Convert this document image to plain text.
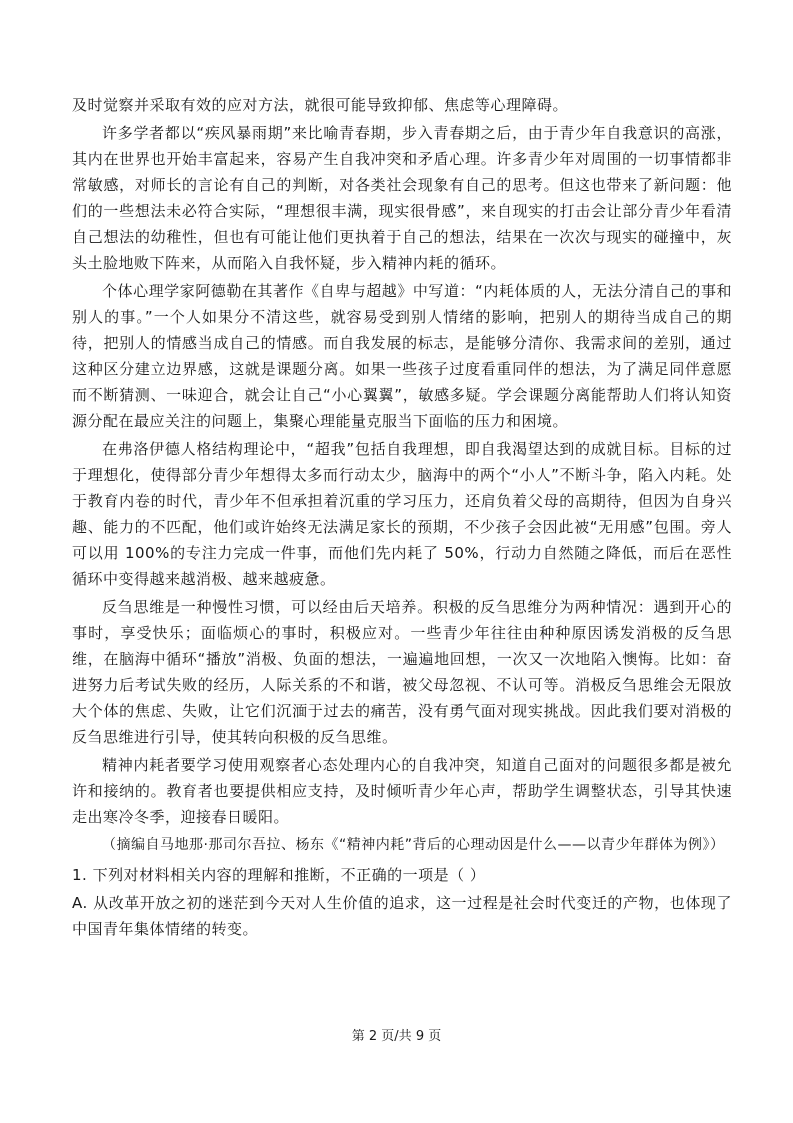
及时觉察并采取有效的应对方法，就很可能导致抑郁、焦虑等心理障碍。

许多学者都以“疾风暴雨期”来比喻青春期，步入青春期之后，由于青少年自我意识的高涨，其内在世界也开始丰富起来，容易产生自我冲突和矛盾心理。许多青少年对周围的一切事情都非常敏感，对师长的言论有自己的判断，对各类社会现象有自己的思考。但这也带来了新问题：他们的一些想法未必符合实际，“理想很丰满，现实很骨感”，来自现实的打击会让部分青少年看清自己想法的幼稚性，但也有可能让他们更执着于自己的想法，结果在一次次与现实的碰撞中，灰头土脸地败下阵来，从而陷入自我怀疑，步入精神内耗的循环。

个体心理学家阿德勒在其著作《自卑与超越》中写道：“内耗体质的人，无法分清自己的事和别人的事。”一个人如果分不清这些，就容易受到别人情绪的影响，把别人的期待当成自己的期待，把别人的情感当成自己的情感。而自我发展的标志，是能够分清你、我需求间的差别，通过这种区分建立边界感，这就是课题分离。如果一些孩子过度看重同伴的想法，为了满足同伴意愿而不断猜测、一味迎合，就会让自己“小心翼翼”，敏感多疑。学会课题分离能帮助人们将认知资源分配在最应关注的问题上，集聚心理能量克服当下面临的压力和困境。

在弗洛伊德人格结构理论中，“超我”包括自我理想，即自我渴望达到的成就目标。目标的过于理想化，使得部分青少年想得太多而行动太少，脑海中的两个“小人”不断斗争，陷入内耗。处于教育内卷的时代，青少年不但承担着沉重的学习压力，还肩负着父母的高期待，但因为自身兴趣、能力的不匹配，他们或许始终无法满足家长的预期，不少孩子会因此被“无用感”包围。旁人可以用 100%的专注力完成一件事，而他们先内耗了 50%，行动力自然随之降低，而后在恶性循环中变得越来越消极、越来越疲惫。

反刍思维是一种慢性习惯，可以经由后天培养。积极的反刍思维分为两种情况：遇到开心的事时，享受快乐；面临烦心的事时，积极应对。一些青少年往往由种种原因诱发消极的反刍思维，在脑海中循环“播放”消极、负面的想法，一遍遍地回想，一次又一次地陷入懊悔。比如：奋进努力后考试失败的经历，人际关系的不和谐，被父母忽视、不认可等。消极反刍思维会无限放大个体的焦虑、失败，让它们沉湎于过去的痛苦，没有勇气面对现实挑战。因此我们要对消极的反刍思维进行引导，使其转向积极的反刍思维。

精神内耗者要学习使用观察者心态处理内心的自我冲突，知道自己面对的问题很多都是被允许和接纳的。教育者也要提供相应支持，及时倾听青少年心声，帮助学生调整状态，引导其快速走出寒冷冬季，迎接春日暖阳。

（摘编自马地那·那司尔吾拉、杨东《“精神内耗”背后的心理动因是什么——以青少年群体为例》）

1. 下列对材料相关内容的理解和推断，不正确的一项是（ ）

A. 从改革开放之初的迷茫到今天对人生价值的追求，这一过程是社会时代变迁的产物，也体现了中国青年集体情绪的转变。

第 2 页/共 9 页
